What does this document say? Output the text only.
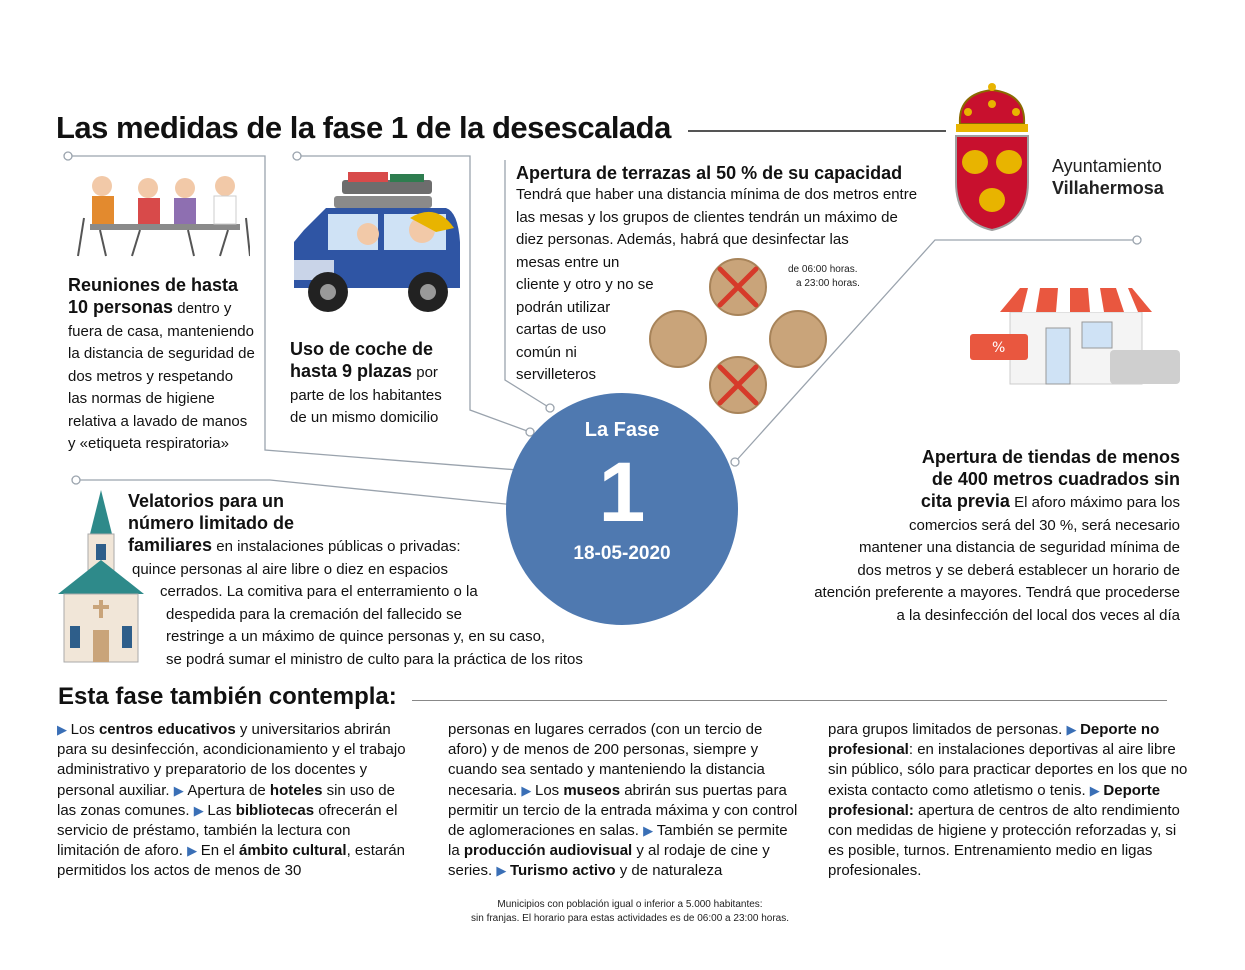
Las medidas de la fase 1 de la desescalada
Ayuntamiento
Villahermosa
Reuniones de hasta
10 personas dentro y
fuera de casa, manteniendo
la distancia de seguridad de
dos metros y respetando
las normas de higiene
relativa a lavado de manos
y «etiqueta respiratoria»
Uso de coche de
hasta 9 plazas por
parte de los habitantes
de un mismo domicilio
Apertura de terrazas al 50 % de su capacidad
Tendrá que haber una distancia mínima de dos metros entre
las mesas y los grupos de clientes tendrán un máximo de
diez personas. Además, habrá que desinfectar las
mesas entre un
cliente y otro y no se
podrán utilizar
cartas de uso
común ni
servilleteros
de 06:00 horas.
a 23:00 horas.
%
Apertura de tiendas de menos
de 400 metros cuadrados sin
cita previa El aforo máximo para los
comercios será del 30 %, será necesario
mantener una distancia de seguridad mínima de
dos metros y se deberá establecer un horario de
atención preferente a mayores. Tendrá que procederse
a la desinfección del local dos veces al día
La Fase
1
18-05-2020
Velatorios para un
número limitado de
familiares en instalaciones públicas o privadas:
quince personas al aire libre o diez en espacios
cerrados. La comitiva para el enterramiento o la
despedida para la cremación del fallecido se
restringe a un máximo de quince personas y, en su caso,
se podrá sumar el ministro de culto para la práctica de los ritos
Esta fase también contempla:
▶ Los centros educativos y universitarios abrirán para su desinfección, acondicionamiento y el trabajo administrativo y preparatorio de los docentes y personal auxiliar. ▶ Apertura de hoteles sin uso de las zonas comunes. ▶ Las bibliotecas ofrecerán el servicio de préstamo, también la lectura con limitación de aforo. ▶ En el ámbito cultural, estarán permitidos los actos de menos de 30
personas en lugares cerrados (con un tercio de aforo) y de menos de 200 personas, siempre y cuando sea sentado y manteniendo la distancia necesaria. ▶ Los museos abrirán sus puertas para permitir un tercio de la entrada máxima y con control de aglomeraciones en salas. ▶ También se permite la producción audiovisual y al rodaje de cine y series. ▶ Turismo activo y de naturaleza
para grupos limitados de personas. ▶ Deporte no profesional: en instalaciones deportivas al aire libre sin público, sólo para practicar deportes en los que no exista contacto como atletismo o tenis. ▶ Deporte profesional: apertura de centros de alto rendimiento con medidas de higiene y protección reforzadas y, si es posible, turnos. Entrenamiento medio en ligas profesionales.
Municipios con población igual o inferior a 5.000 habitantes:
sin franjas. El horario para estas actividades es de 06:00 a 23:00 horas.
